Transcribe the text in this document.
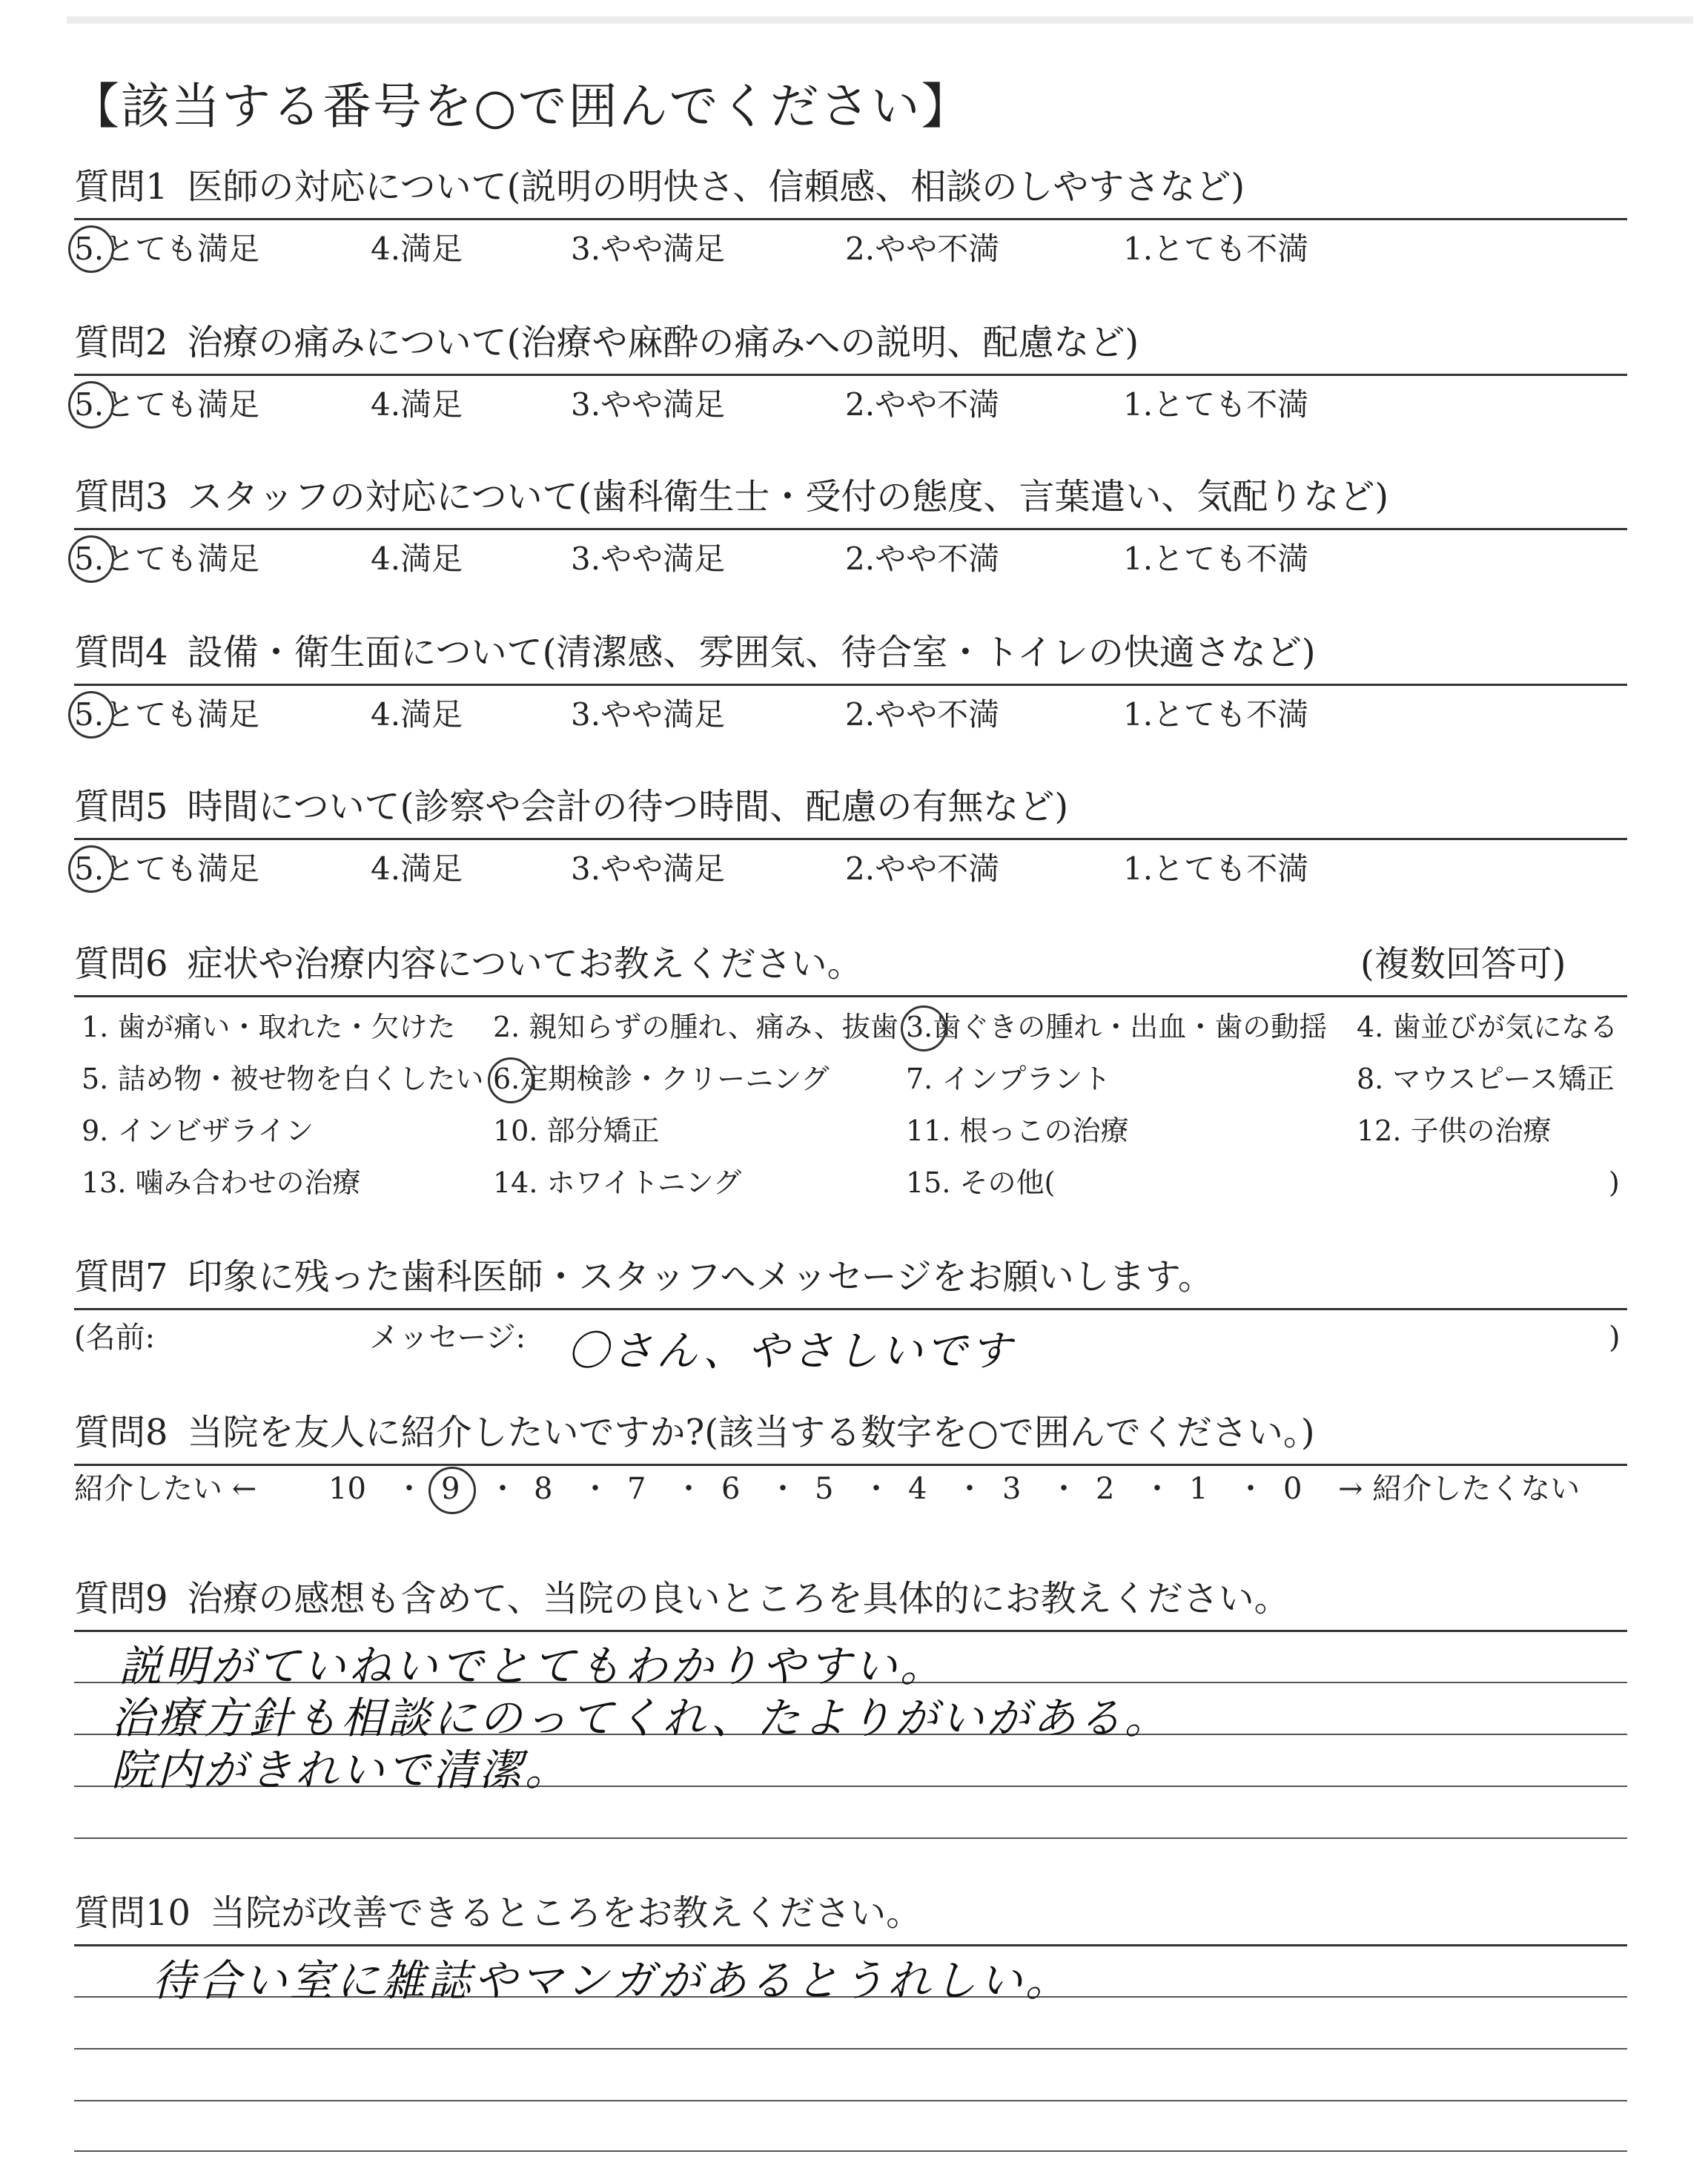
【該当する番号を○で囲んでください】
質問1 医師の対応について(説明の明快さ、信頼感、相談のしやすさなど)
5.とても満足	4.満足	3.やや満足	2.やや不満	1.とても不満
質問2 治療の痛みについて(治療や麻酔の痛みへの説明、配慮など)
5.とても満足	4.満足	3.やや満足	2.やや不満	1.とても不満
質問3 スタッフの対応について(歯科衛生士・受付の態度、言葉遣い、気配りなど)
5.とても満足	4.満足	3.やや満足	2.やや不満	1.とても不満
質問4 設備・衛生面について(清潔感、雰囲気、待合室・トイレの快適さなど)
5.とても満足	4.満足	3.やや満足	2.やや不満	1.とても不満
質問5 時間について(診察や会計の待つ時間、配慮の有無など)
5.とても満足	4.満足	3.やや満足	2.やや不満	1.とても不満
質問6 症状や治療内容についてお教えください。	(複数回答可)
1. 歯が痛い・取れた・欠けた 2. 親知らずの腫れ、痛み、抜歯 3.歯ぐきの腫れ・出血・歯の動揺 4. 歯並びが気になる
5. 詰め物・被せ物を白くしたい 6.定期検診・クリーニング	7. インプラント	8. マウスピース矯正
9. インビザライン	10. 部分矯正	11. 根っこの治療	12. 子供の治療
13. 噛み合わせの治療	14. ホワイトニング	15. その他(	)
質問7 印象に残った歯科医師・スタッフへメッセージをお願いします。
(名前:	メッセージ: 〇さん、やさしいです	)
質問8 当院を友人に紹介したいですか?(該当する数字を○で囲んでください。)
紹介したい ← 10 ・ 9 ・ 8 ・ 7 ・ 6 ・ 5 ・ 4 ・ 3 ・ 2 ・ 1 ・ 0 → 紹介したくない
質問9 治療の感想も含めて、当院の良いところを具体的にお教えください。
説明がていねいでとてもわかりやすい。
治療方針も相談にのってくれ、たよりがいがある。
院内がきれいで清潔。
質問10 当院が改善できるところをお教えください。
待合い室に雑誌やマンガがあるとうれしい。
